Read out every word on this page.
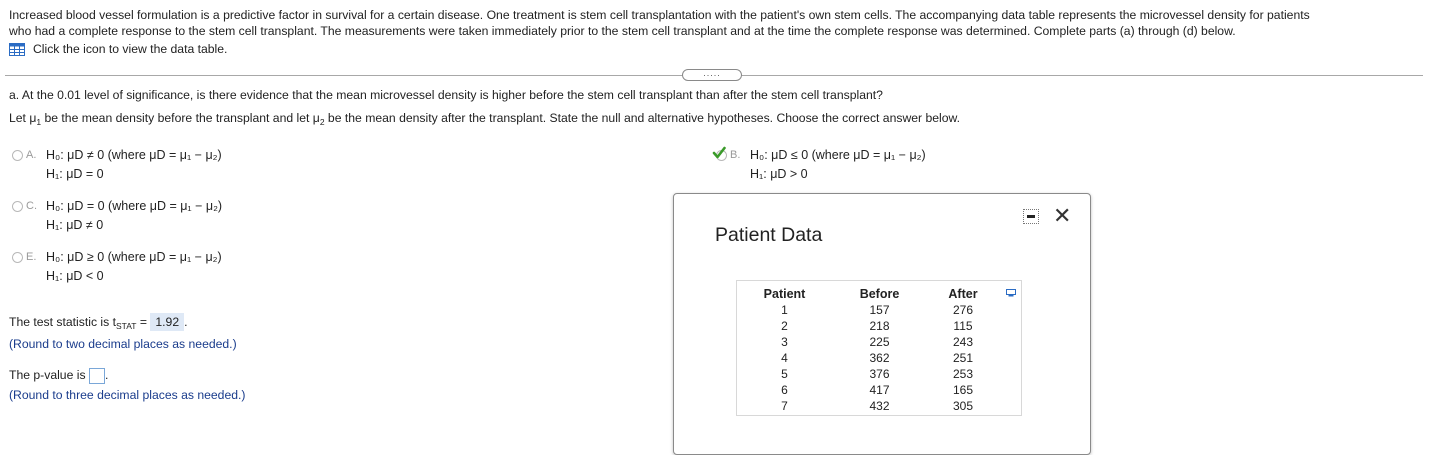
Increased blood vessel formulation is a predictive factor in survival for a certain disease. One treatment is stem cell transplantation with the patient's own stem cells. The accompanying data table represents the microvessel density for patients
who had a complete response to the stem cell transplant. The measurements were taken immediately prior to the stem cell transplant and at the time the complete response was determined. Complete parts (a) through (d) below.
Click the icon to view the data table.
.....
a. At the 0.01 level of significance, is there evidence that the mean microvessel density is higher before the stem cell transplant than after the stem cell transplant?
Let $\mu_1$ be the mean density before the transplant and let $\mu_2$ be the mean density after the transplant. State the null and alternative hypotheses. Choose the correct answer below.
A. H₀: μD ≠ 0 (where μD = μ₁ − μ₂)
H₁: μD = 0
B. H₀: μD ≤ 0 (where μD = μ₁ − μ₂)
H₁: μD > 0
C. H₀: μD = 0 (where μD = μ₁ − μ₂)
H₁: μD ≠ 0
E. H₀: μD ≥ 0 (where μD = μ₁ − μ₂)
H₁: μD < 0
The test statistic is $t_{STAT} = 1.92$ .
(Round to two decimal places as needed.)
The p-value is .
(Round to three decimal places as needed.)
Patient Data
✕
Patient	Before	After
1	157	276
2	218	115
3	225	243
4	362	251
5	376	253
6	417	165
7	432	305
